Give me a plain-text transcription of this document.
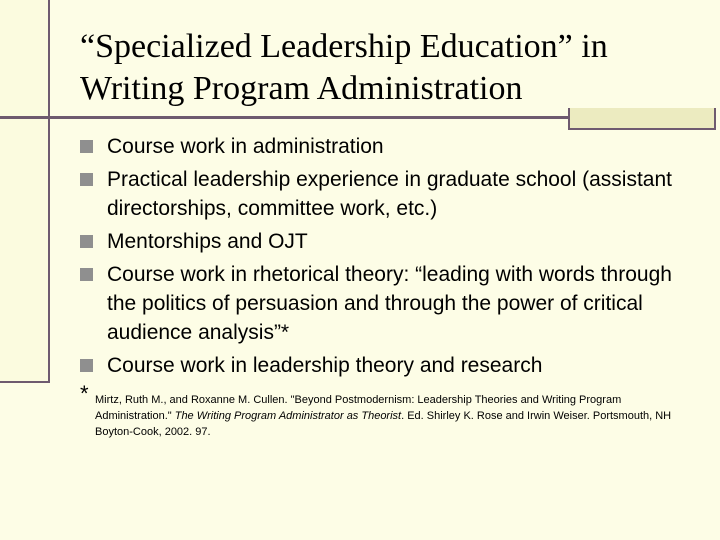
“Specialized Leadership Education” in
Writing Program Administration
Course work in administration
Practical leadership experience in graduate school (assistant directorships, committee work, etc.)
Mentorships and OJT
Course work in rhetorical theory: “leading with words through the politics of persuasion and through the power of critical audience analysis”*
Course work in leadership theory and research
* Mirtz, Ruth M., and Roxanne M. Cullen. "Beyond Postmodernism: Leadership Theories and Writing Program Administration." The Writing Program Administrator as Theorist. Ed. Shirley K. Rose and Irwin Weiser. Portsmouth, NH Boyton-Cook, 2002. 97.
